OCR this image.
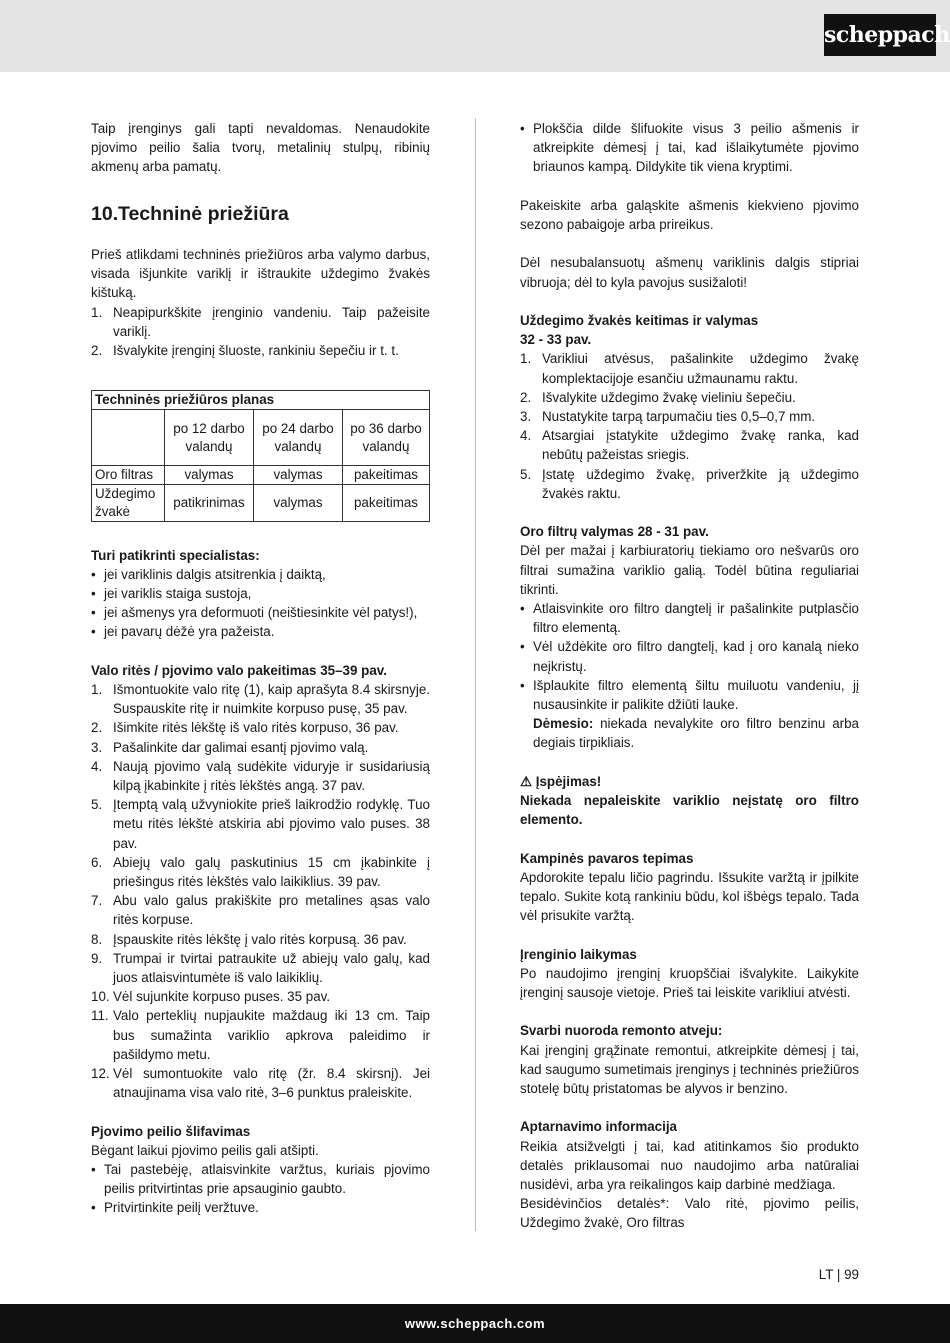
scheppach

Taip įrenginys gali tapti nevaldomas. Nenaudokite pjovimo peilio šalia tvorų, metalinių stulpų, ribinių akmenų arba pamatų.

10.Techninė priežiūra

Prieš atlikdami techninės priežiūros arba valymo darbus, visada išjunkite variklį ir ištraukite uždegimo žvakės kištuką.

1. Neapipurkškite įrenginio vandeniu. Taip pažeisite variklį.
2. Išvalykite įrenginį šluoste, rankiniu šepečiu ir t. t.
Techninės priežiūros planas			
	po 12 darbo valandų	po 24 darbo valandų	po 36 darbo valandų
Oro filtras	valymas	valymas	pakeitimas
Uždegimo žvakė	patikrinimas	valymas	pakeitimas

Turi patikrinti specialistas:

• jei variklinis dalgis atsitrenkia į daiktą,
• jei variklis staiga sustoja,
• jei ašmenys yra deformuoti (neištiesinkite vėl patys!),
• jei pavarų dėžė yra pažeista.

Valo ritės / pjovimo valo pakeitimas 35–39 pav.

1. Išmontuokite valo ritę (1), kaip aprašyta 8.4 skirsnyje. Suspauskite ritę ir nuimkite korpuso pusę, 35 pav.
2. Išimkite ritės lėkštę iš valo ritės korpuso, 36 pav.
3. Pašalinkite dar galimai esantį pjovimo valą.
4. Naują pjovimo valą sudėkite viduryje ir susidariusią kilpą įkabinkite į ritės lėkštės angą. 37 pav.
5. Įtemptą valą užvyniokite prieš laikrodžio rodyklę. Tuo metu ritės lėkštė atskiria abi pjovimo valo puses. 38 pav.
6. Abiejų valo galų paskutinius 15 cm įkabinkite į priešingus ritės lėkštės valo laikiklius. 39 pav.
7. Abu valo galus prakiškite pro metalines ąsas valo ritės korpuse.
8. Įspauskite ritės lėkštę į valo ritės korpusą. 36 pav.
9. Trumpai ir tvirtai patraukite už abiejų valo galų, kad juos atlaisvintumėte iš valo laikiklių.
10. Vėl sujunkite korpuso puses. 35 pav.
11. Valo perteklių nupjaukite maždaug iki 13 cm. Taip bus sumažinta variklio apkrova paleidimo ir pašildymo metu.
12. Vėl sumontuokite valo ritę (žr. 8.4 skirsnį). Jei atnaujinama visa valo ritė, 3–6 punktus praleiskite.

Pjovimo peilio šlifavimas

Bėgant laikui pjovimo peilis gali atšipti.

• Tai pastebėję, atlaisvinkite varžtus, kuriais pjovimo peilis pritvirtintas prie apsauginio gaubto.
• Pritvirtinkite peilį veržtuve.
• Plokščia dilde šlifuokite visus 3 peilio ašmenis ir atkreipkite dėmesį į tai, kad išlaikytumėte pjovimo briaunos kampą. Dildykite tik viena kryptimi.

Pakeiskite arba galąskite ašmenis kiekvieno pjovimo sezono pabaigoje arba prireikus.

Dėl nesubalansuotų ašmenų variklinis dalgis stipriai vibruoja; dėl to kyla pavojus susižaloti!

Uždegimo žvakės keitimas ir valymas

32 - 33 pav.

1. Varikliui atvėsus, pašalinkite uždegimo žvakę komplektacijoje esančiu užmaunamu raktu.
2. Išvalykite uždegimo žvakę vieliniu šepečiu.
3. Nustatykite tarpą tarpumačiu ties 0,5–0,7 mm.
4. Atsargiai įstatykite uždegimo žvakę ranka, kad nebūtų pažeistas sriegis.
5. Įstatę uždegimo žvakę, priveržkite ją uždegimo žvakės raktu.

Oro filtrų valymas 28 - 31 pav.

Dėl per mažai į karbiuratorių tiekiamo oro nešvarūs oro filtrai sumažina variklio galią. Todėl būtina reguliariai tikrinti.

• Atlaisvinkite oro filtro dangtelį ir pašalinkite putplasčio filtro elementą.
• Vėl uždėkite oro filtro dangtelį, kad į oro kanalą nieko neįkristų.
• Išplaukite filtro elementą šiltu muiluotu vandeniu, jį nusausinkite ir palikite džiūti lauke.
Dėmesio: niekada nevalykite oro filtro benzinu arba degiais tirpikliais.

⚠ Įspėjimas!

Niekada nepaleiskite variklio neįstatę oro filtro elemento.

Kampinės pavaros tepimas

Apdorokite tepalu ličio pagrindu. Išsukite varžtą ir įpilkite tepalo. Sukite kotą rankiniu būdu, kol išbėgs tepalo. Tada vėl prisukite varžtą.

Įrenginio laikymas

Po naudojimo įrenginį kruopščiai išvalykite. Laikykite įrenginį sausoje vietoje. Prieš tai leiskite varikliui atvėsti.

Svarbi nuoroda remonto atveju:

Kai įrenginį grąžinate remontui, atkreipkite dėmesį į tai, kad saugumo sumetimais įrenginys į techninės priežiūros stotelę būtų pristatomas be alyvos ir benzino.

Aptarnavimo informacija

Reikia atsižvelgti į tai, kad atitinkamos šio produkto detalės priklausomai nuo naudojimo arba natūraliai nusidėvi, arba yra reikalingos kaip darbinė medžiaga.

Besidėvinčios detalės*: Valo ritė, pjovimo peilis, Uždegimo žvakė, Oro filtras

LT | 99
www.scheppach.com
